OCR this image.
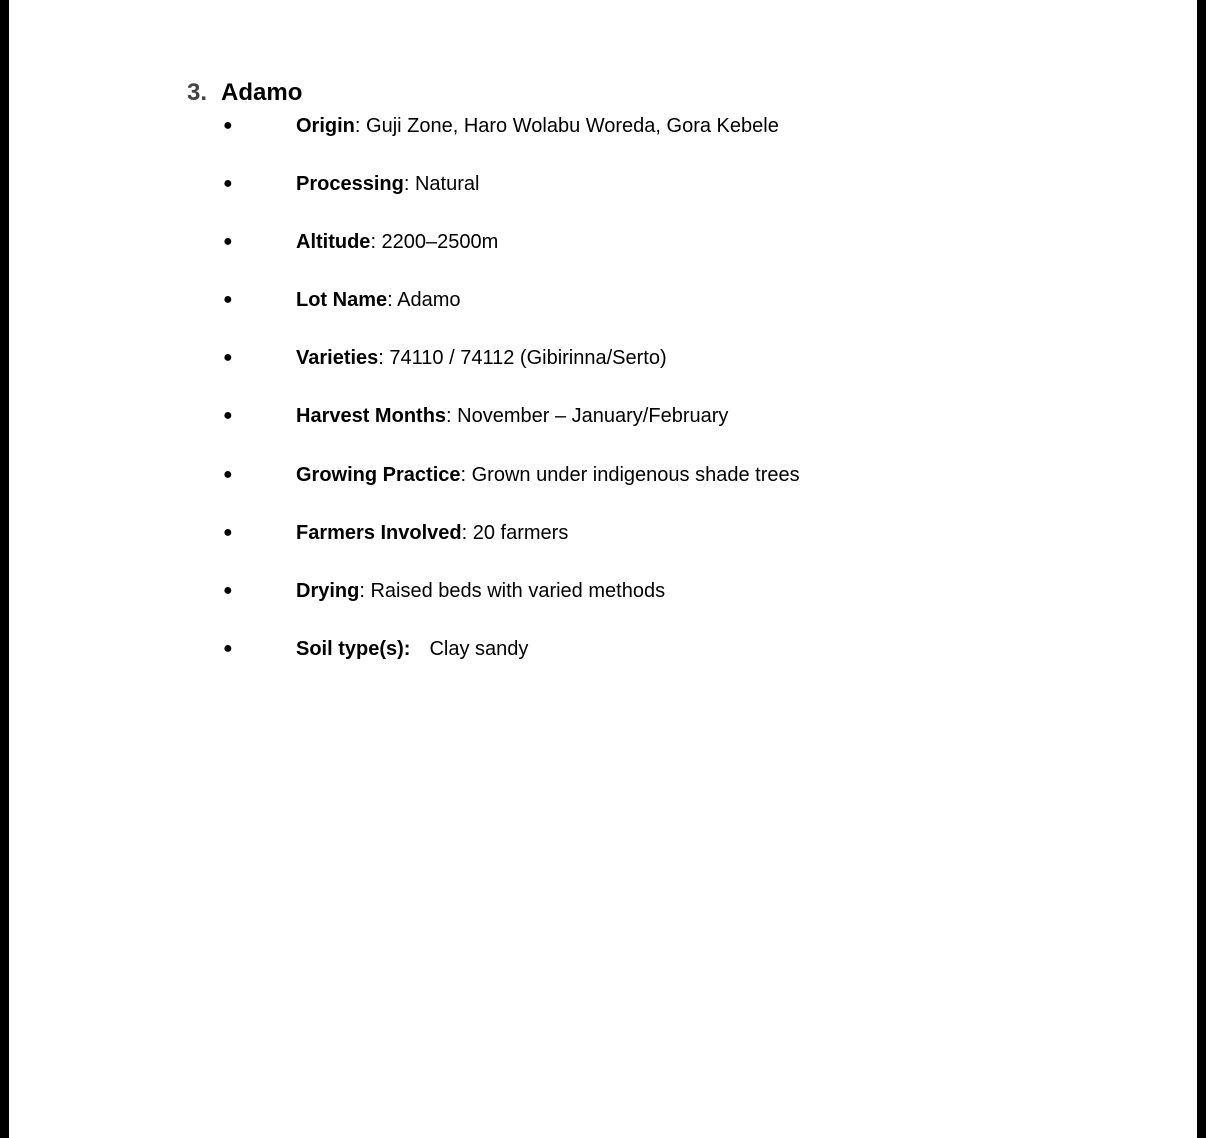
3. Adamo
●	Origin: Guji Zone, Haro Wolabu Woreda, Gora Kebele
●	Processing: Natural
●	Altitude: 2200–2500m
●	Lot Name: Adamo
●	Varieties: 74110 / 74112 (Gibirinna/Serto)
●	Harvest Months: November – January/February
●	Growing Practice: Grown under indigenous shade trees
●	Farmers Involved: 20 farmers
●	Drying: Raised beds with varied methods
●	Soil type(s): Clay sandy
